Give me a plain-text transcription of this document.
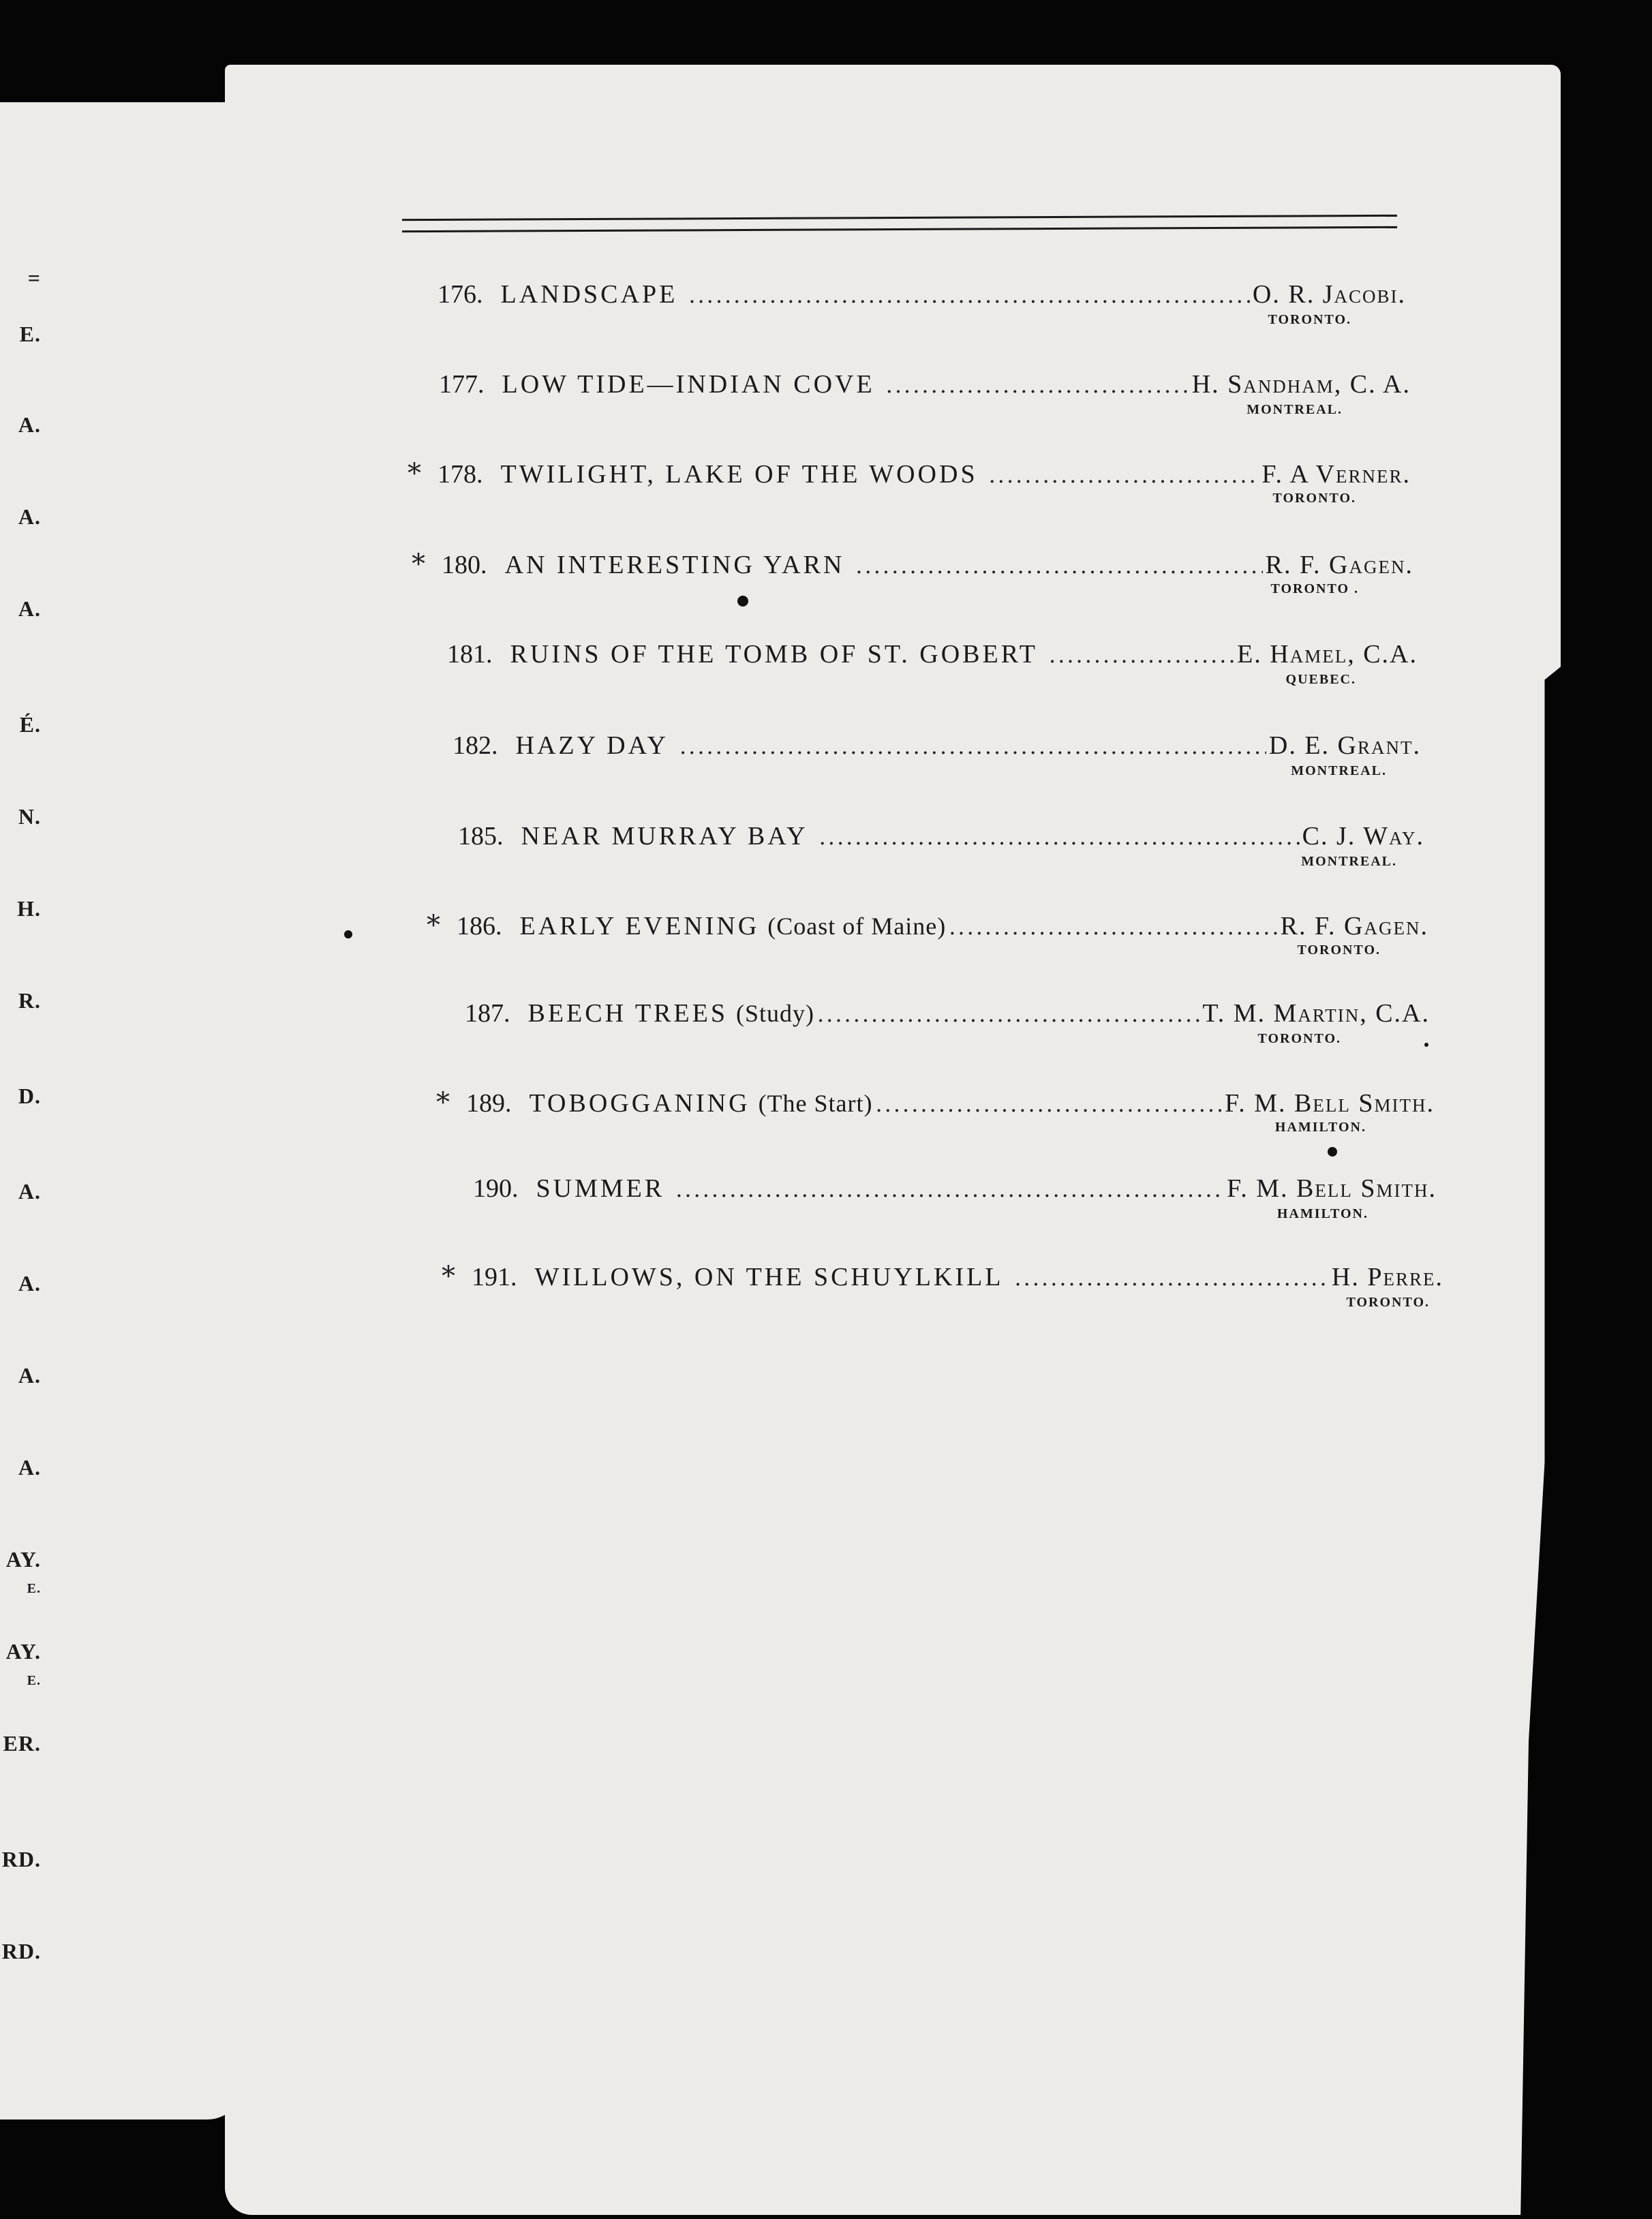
=
E.
A.
A.
A.
É.
N.
H.
R.
D.
A.
A.
A.
A.
AY.
E.
AY.
E.
ER.
RD.
RD.
176. LANDSCAPE .....	O. R. Jacobi.
TORONTO.
177. LOW TIDE—INDIAN COVE .....	H. Sandham, C. A.
MONTREAL.
* 178. TWILIGHT, LAKE OF THE WOODS .....	F. A Verner.
TORONTO.
* 180. AN INTERESTING YARN .....	R. F. Gagen.
TORONTO .
181. RUINS OF THE TOMB OF ST. GOBERT .....	E. Hamel, C.A.
QUEBEC.
182. HAZY DAY .....	D. E. Grant.
MONTREAL.
185. NEAR MURRAY BAY .....	C. J. Way.
MONTREAL.
* 186. EARLY EVENING (Coast of Maine) .....	R. F. Gagen.
TORONTO.
187. BEECH TREES (Study) .....	T. M. Martin, C.A.
TORONTO.
* 189. TOBOGGANING (The Start) .....	F. M. Bell Smith.
HAMILTON.
190. SUMMER .....	F. M. Bell Smith.
HAMILTON.
* 191. WILLOWS, ON THE SCHUYLKILL .....	H. Perre.
TORONTO.
